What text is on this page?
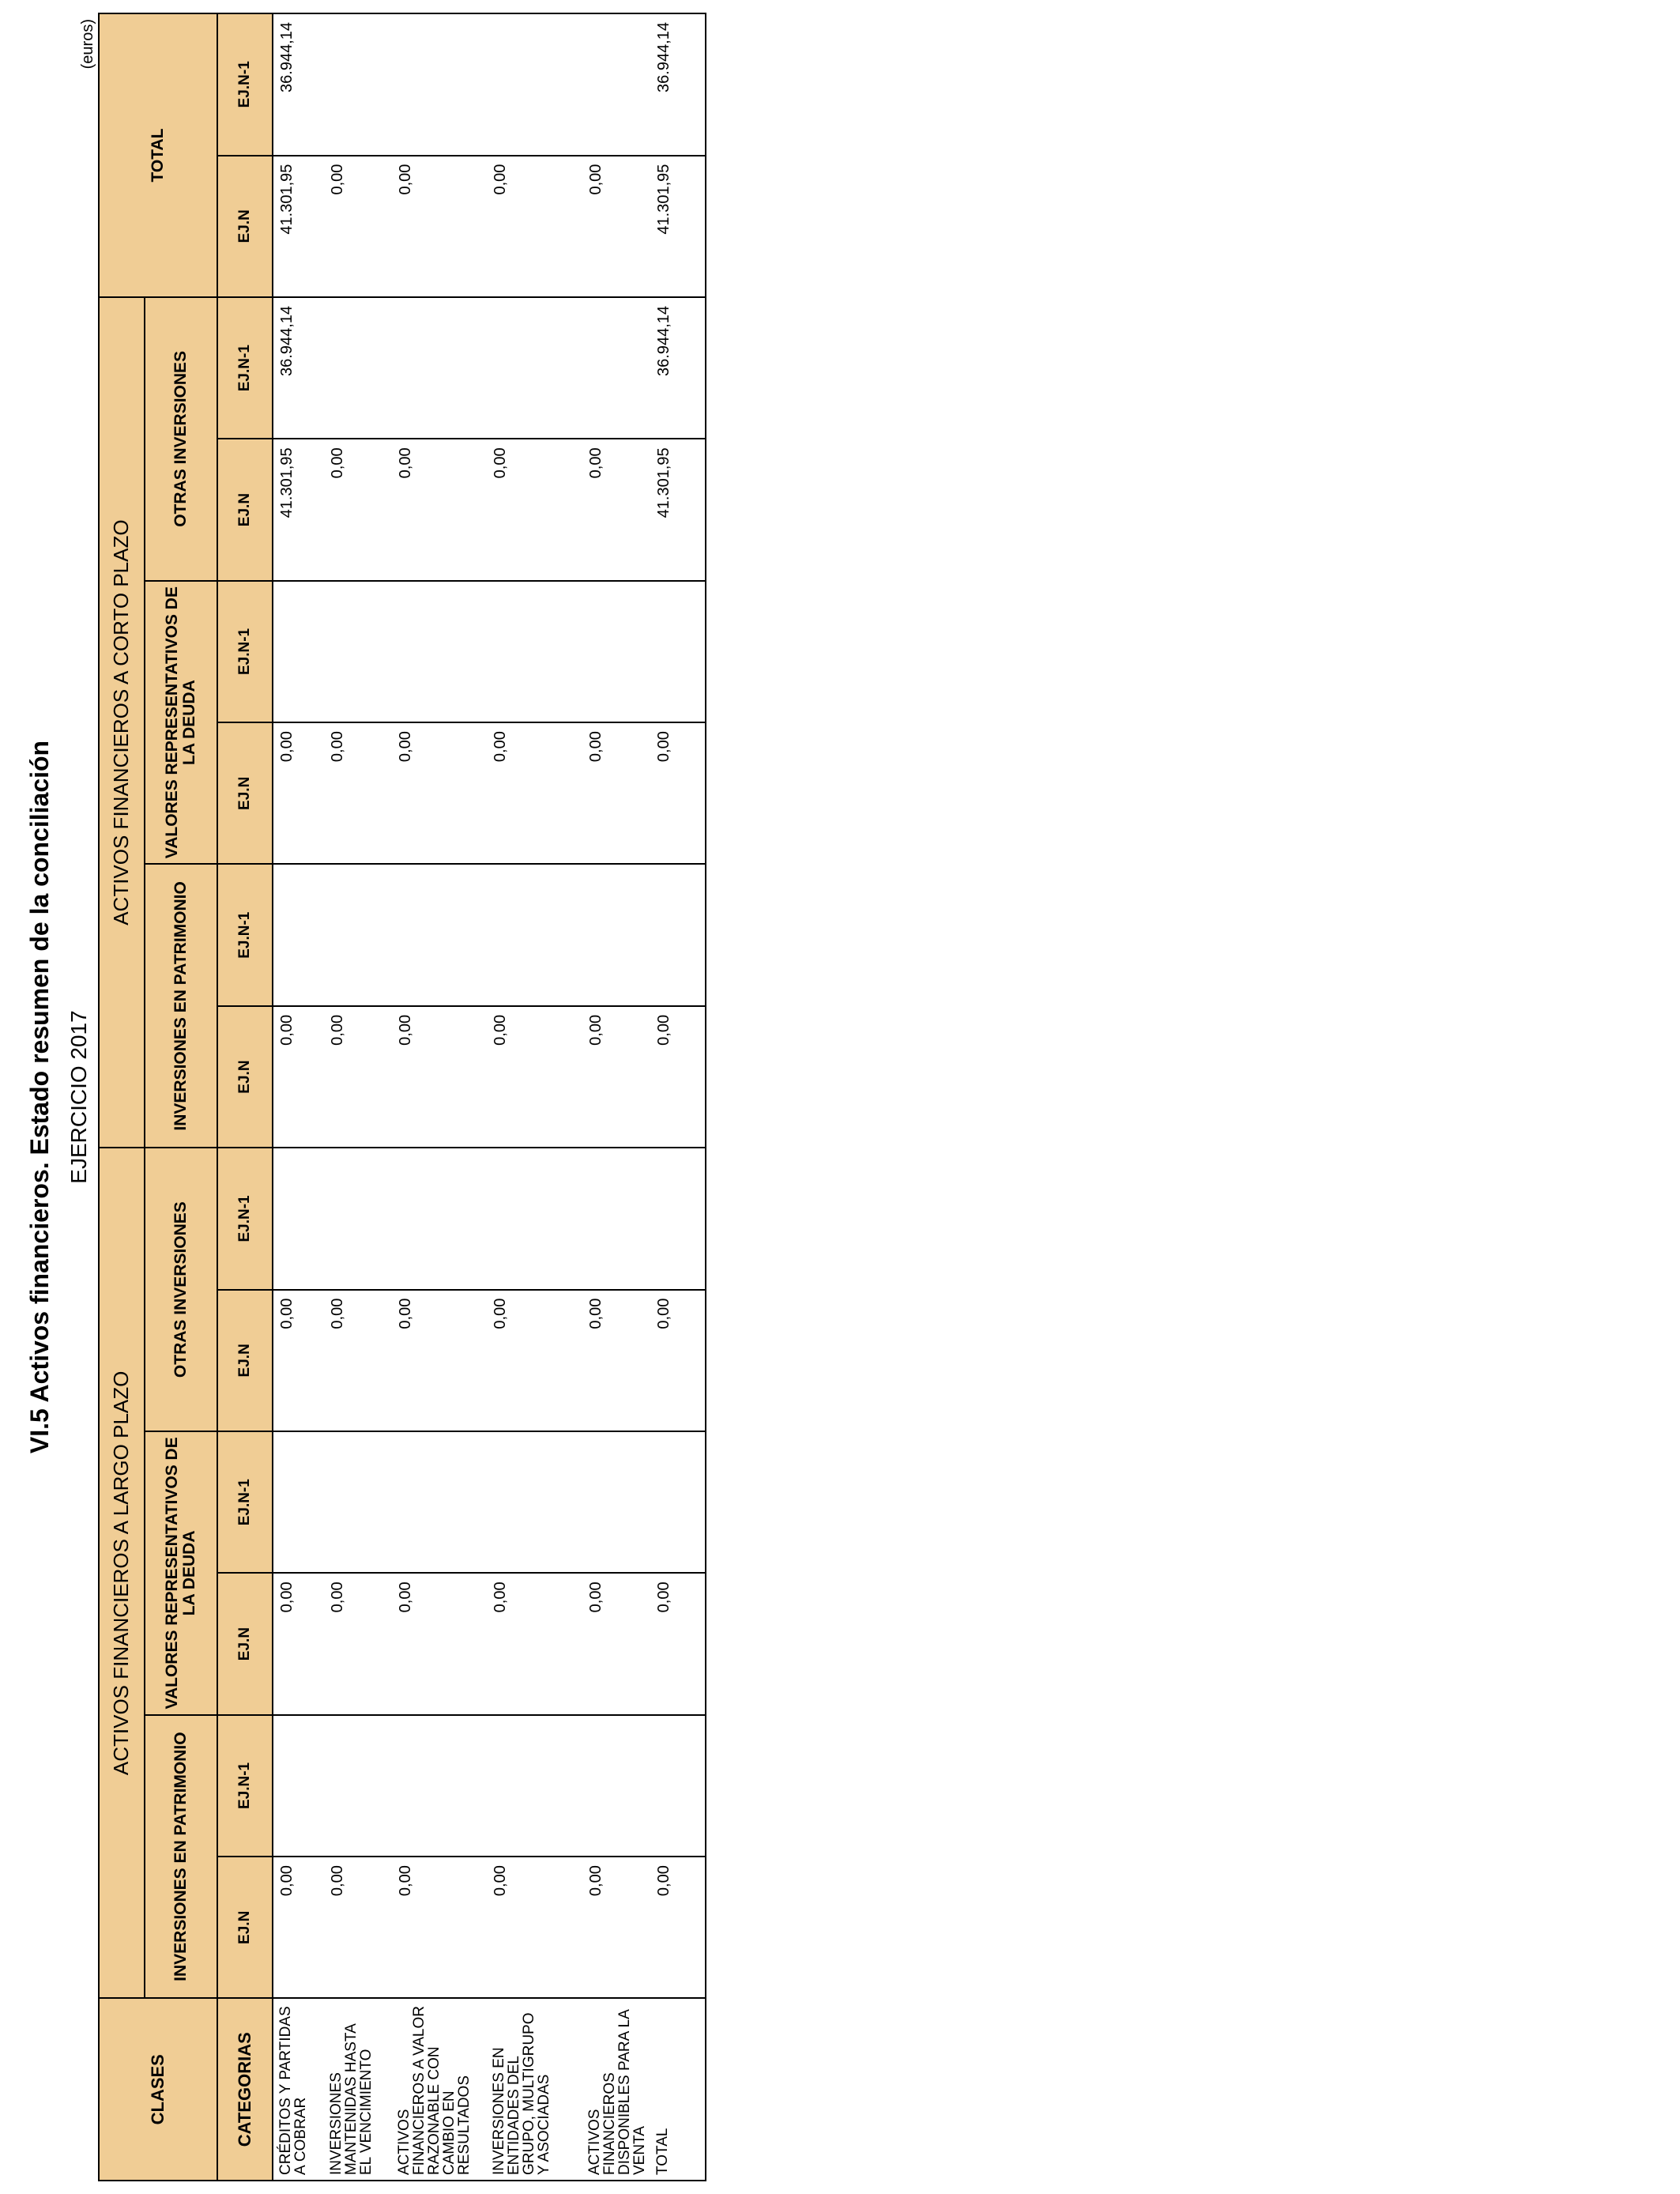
VI.5 Activos financieros. Estado resumen de la conciliación EJERCICIO 2017
(euros)
CLASES	ACTIVOS FINANCIEROS A LARGO PLAZO						ACTIVOS FINANCIEROS A CORTO PLAZO						TOTAL	
	INVERSIONES EN PATRIMONIO		VALORES REPRESENTATIVOS DE LA DEUDA		OTRAS INVERSIONES		INVERSIONES EN PATRIMONIO		VALORES REPRESENTATIVOS DE LA DEUDA		OTRAS INVERSIONES			
CATEGORIAS	EJ.N	EJ.N-1	EJ.N	EJ.N-1	EJ.N	EJ.N-1	EJ.N	EJ.N-1	EJ.N	EJ.N-1	EJ.N	EJ.N-1	EJ.N	EJ.N-1
CRÉDITOS Y PARTIDAS A COBRAR	0,00		0,00		0,00		0,00		0,00		41.301,95	36.944,14	41.301,95	36.944,14
INVERSIONES MANTENIDAS HASTA EL VENCIMIENTO	0,00		0,00		0,00		0,00		0,00		0,00		0,00	
ACTIVOS FINANCIEROS A VALOR RAZONABLE CON CAMBIO EN RESULTADOS	0,00		0,00		0,00		0,00		0,00		0,00		0,00	
INVERSIONES EN ENTIDADES DEL GRUPO, MULTIGRUPO Y ASOCIADAS	0,00		0,00		0,00		0,00		0,00		0,00		0,00	
ACTIVOS FINANCIEROS DISPONIBLES PARA LA VENTA	0,00		0,00		0,00		0,00		0,00		0,00		0,00	
TOTAL	0,00		0,00		0,00		0,00		0,00		41.301,95	36.944,14	41.301,95	36.944,14
